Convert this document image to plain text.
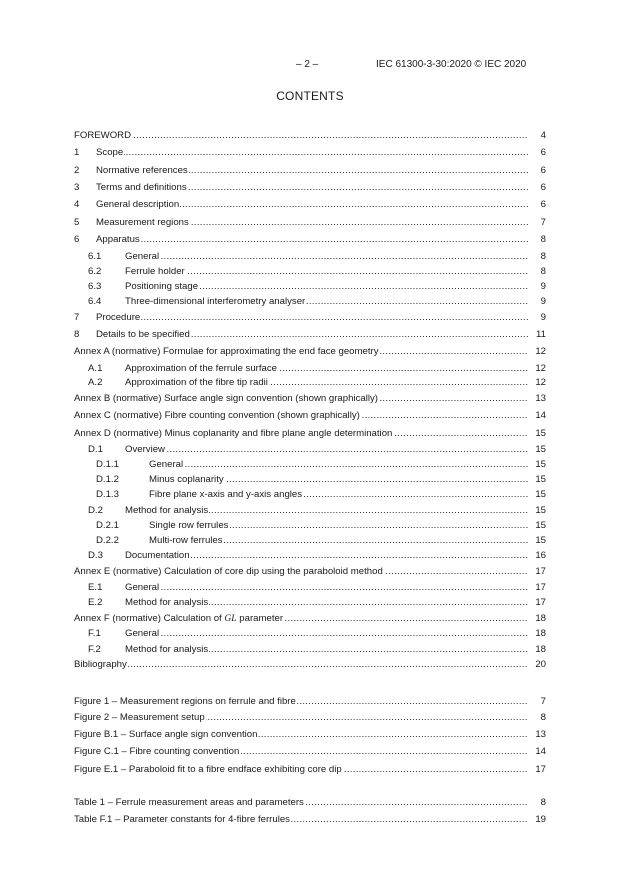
– 2 –	IEC 61300-3-30:2020 © IEC 2020
CONTENTS
FOREWORD .....	4
1 Scope .....	6
2 Normative references .....	6
3 Terms and definitions .....	6
4 General description .....	6
5 Measurement regions .....	7
6 Apparatus .....	8
6.1 General .....	8
6.2 Ferrule holder .....	8
6.3 Positioning stage .....	9
6.4 Three-dimensional interferometry analyser .....	9
7 Procedure .....	9
8 Details to be specified .....	11
Annex A (normative) Formulae for approximating the end face geometry .....	12
A.1 Approximation of the ferrule surface .....	12
A.2 Approximation of the fibre tip radii .....	12
Annex B (normative) Surface angle sign convention (shown graphically) .....	13
Annex C (normative) Fibre counting convention (shown graphically) .....	14
Annex D (normative) Minus coplanarity and fibre plane angle determination .....	15
D.1 Overview .....	15
D.1.1	General .....	15
D.1.2	Minus coplanarity .....	15
D.1.3	Fibre plane x-axis and y-axis angles .....	15
D.2 Method for analysis .....	15
D.2.1	Single row ferrules .....	15
D.2.2	Multi-row ferrules .....	15
D.3 Documentation .....	16
Annex E (normative) Calculation of core dip using the paraboloid method .....	17
E.1 General .....	17
E.2 Method for analysis .....	17
Annex F (normative) Calculation of GL parameter .....	18
F.1	General .....	18
F.2	Method for analysis .....	18
Bibliography .....	20
Figure 1 – Measurement regions on ferrule and fibre .....	7
Figure 2 – Measurement setup .....	8
Figure B.1 – Surface angle sign convention .....	13
Figure C.1 – Fibre counting convention .....	14
Figure E.1 – Paraboloid fit to a fibre endface exhibiting core dip .....	17
Table 1 – Ferrule measurement areas and parameters .....	8
Table F.1 – Parameter constants for 4-fibre ferrules .....	19
